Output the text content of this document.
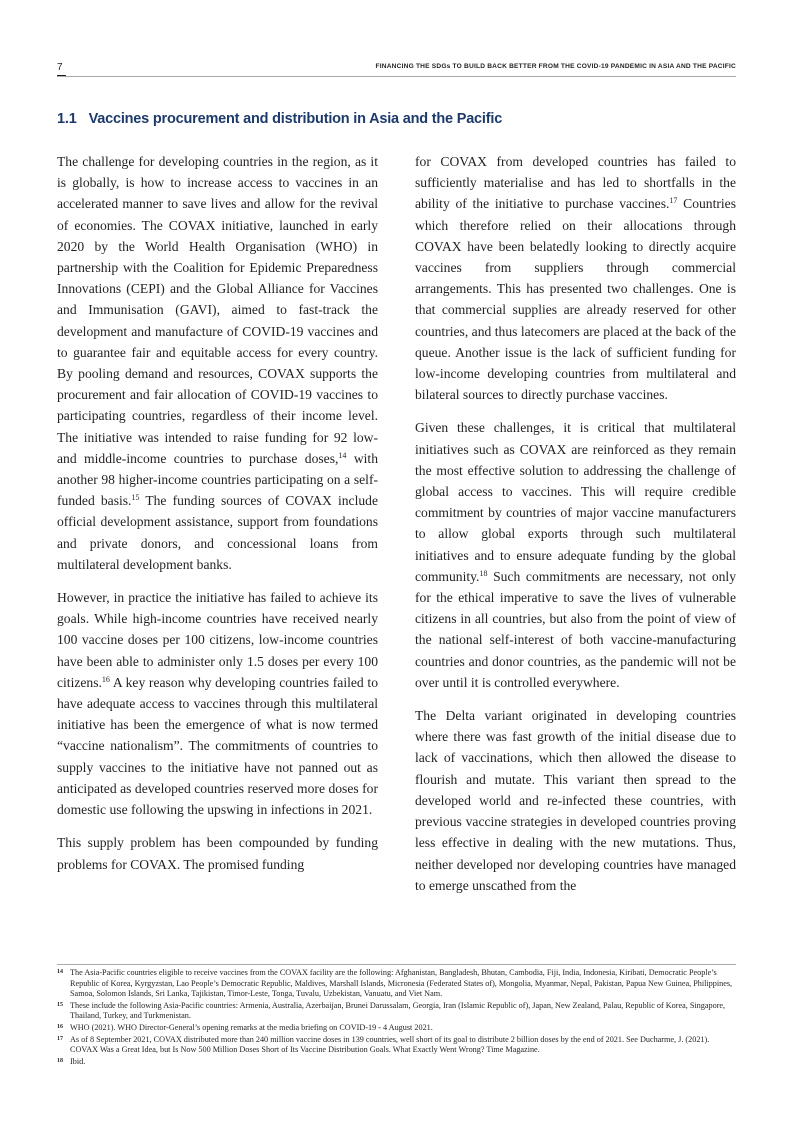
7	FINANCING THE SDGs TO BUILD BACK BETTER FROM THE COVID-19 PANDEMIC IN ASIA AND THE PACIFIC
1.1 Vaccines procurement and distribution in Asia and the Pacific

The challenge for developing countries in the region, as it is globally, is how to increase access to vaccines in an accelerated manner to save lives and allow for the revival of economies. The COVAX initiative, launched in early 2020 by the World Health Organisation (WHO) in partnership with the Coalition for Epidemic Preparedness Innovations (CEPI) and the Global Alliance for Vaccines and Immunisation (GAVI), aimed to fast-track the development and manufacture of COVID-19 vaccines and to guarantee fair and equitable access for every country. By pooling demand and resources, COVAX supports the procurement and fair allocation of COVID-19 vaccines to participating countries, regardless of their income level. The initiative was intended to raise funding for 92 low- and middle-income countries to purchase doses,$^{14}$ with another 98 higher-income countries participating on a self-funded basis.$^{15}$ The funding sources of COVAX include official development assistance, support from foundations and private donors, and concessional loans from multilateral development banks.

However, in practice the initiative has failed to achieve its goals. While high-income countries have received nearly 100 vaccine doses per 100 citizens, low-income countries have been able to administer only 1.5 doses per every 100 citizens.$^{16}$ A key reason why developing countries failed to have adequate access to vaccines through this multilateral initiative has been the emergence of what is now termed “vaccine nationalism”. The commitments of countries to supply vaccines to the initiative have not panned out as anticipated as developed countries reserved more doses for domestic use following the upswing in infections in 2021.

This supply problem has been compounded by funding problems for COVAX. The promised funding

for COVAX from developed countries has failed to sufficiently materialise and has led to shortfalls in the ability of the initiative to purchase vaccines.$^{17}$ Countries which therefore relied on their allocations through COVAX have been belatedly looking to directly acquire vaccines from suppliers through commercial arrangements. This has presented two challenges. One is that commercial supplies are already reserved for other countries, and thus latecomers are placed at the back of the queue. Another issue is the lack of sufficient funding for low-income developing countries from multilateral and bilateral sources to directly purchase vaccines.

Given these challenges, it is critical that multilateral initiatives such as COVAX are reinforced as they remain the most effective solution to addressing the challenge of global access to vaccines. This will require credible commitment by countries of major vaccine manufacturers to allow global exports through such multilateral initiatives and to ensure adequate funding by the global community.$^{18}$ Such commitments are necessary, not only for the ethical imperative to save the lives of vulnerable citizens in all countries, but also from the point of view of the national self-interest of both vaccine-manufacturing countries and donor countries, as the pandemic will not be over until it is controlled everywhere.

The Delta variant originated in developing countries where there was fast growth of the initial disease due to lack of vaccinations, which then allowed the disease to flourish and mutate. This variant then spread to the developed world and re-infected these countries, with previous vaccine strategies in developed countries proving less effective in dealing with the new mutations. Thus, neither developed nor developing countries have managed to emerge unscathed from the

14 The Asia-Pacific countries eligible to receive vaccines from the COVAX facility are the following: Afghanistan, Bangladesh, Bhutan, Cambodia, Fiji, India, Indonesia, Kiribati, Democratic People’s Republic of Korea, Kyrgyzstan, Lao People’s Democratic Republic, Maldives, Marshall Islands, Micronesia (Federated States of), Mongolia, Myanmar, Nepal, Pakistan, Papua New Guinea, Philippines, Samoa, Solomon Islands, Sri Lanka, Tajikistan, Timor-Leste, Tonga, Tuvalu, Uzbekistan, Vanuatu, and Viet Nam.
15 These include the following Asia-Pacific countries: Armenia, Australia, Azerbaijan, Brunei Darussalam, Georgia, Iran (Islamic Republic of), Japan, New Zealand, Palau, Republic of Korea, Singapore, Thailand, Turkey, and Turkmenistan.
16 WHO (2021). WHO Director-General’s opening remarks at the media briefing on COVID-19 - 4 August 2021.
17 As of 8 September 2021, COVAX distributed more than 240 million vaccine doses in 139 countries, well short of its goal to distribute 2 billion doses by the end of 2021. See Ducharme, J. (2021). COVAX Was a Great Idea, but Is Now 500 Million Doses Short of Its Vaccine Distribution Goals. What Exactly Went Wrong? Time Magazine.
18 Ibid.
